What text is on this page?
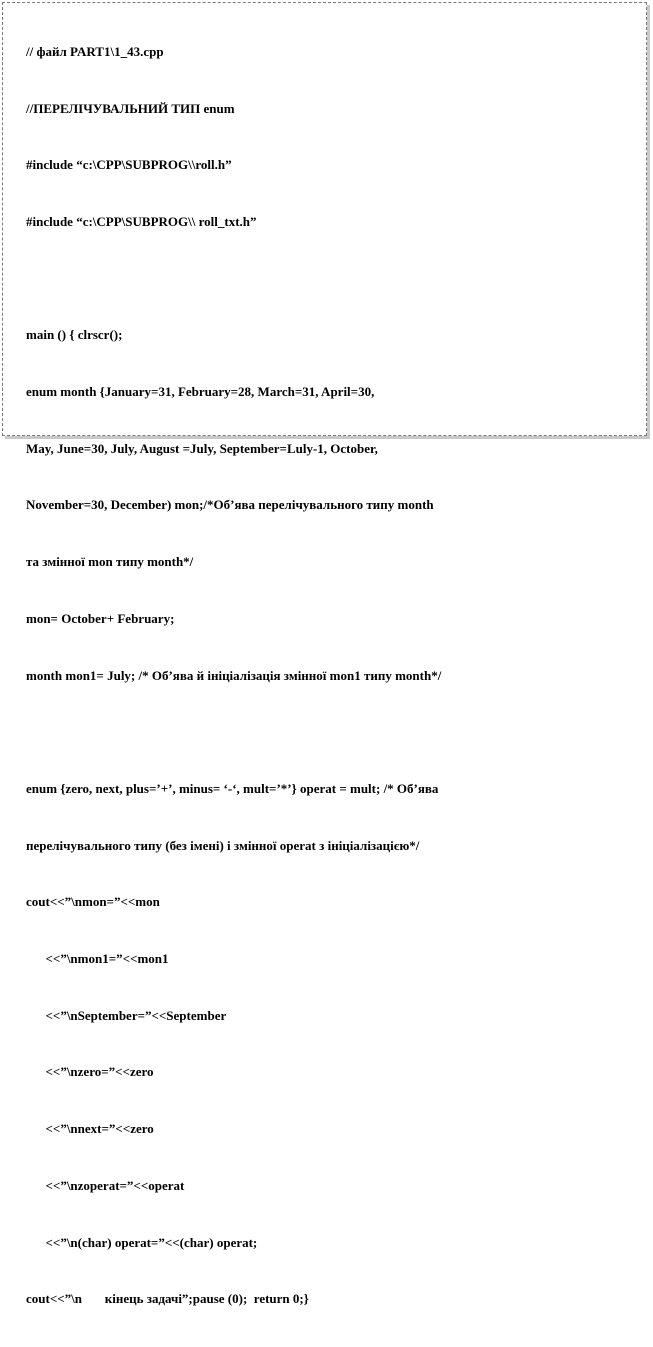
// файл PART1\1_43.cpp

//ПЕРЕЛІЧУВАЛЬНИЙ ТИП enum

#include “c:\CPP\SUBPROG\\roll.h”

#include “c:\CPP\SUBPROG\\ roll_txt.h”

main () { clrscr();

enum month {January=31, February=28, March=31, April=30,

May, June=30, July, August =July, September=Luly-1, October,

November=30, December) mon;/*Об’ява перелічувального типу month

та змінної mon типу month*/

mon= October+ February;

month mon1= July; /* Об’ява й ініціалізація змінної mon1 типу month*/

enum {zero, next, plus=’+’, minus= ‘-‘, mult=’*’} operat = mult; /* Об’ява

перелічувального типу (без імені) і змінної operat з ініціалізацією*/

cout<<”\nmon=”<<mon

<<”\nmon1=”<<mon1

<<”\nSeptember=”<<September

<<”\nzero=”<<zero

<<”\nnext=”<<zero

<<”\nzoperat=”<<operat

<<”\n(char) operat=”<<(char) operat;

cout<<”\n       кінець задачі”;pause (0);  return 0;}
